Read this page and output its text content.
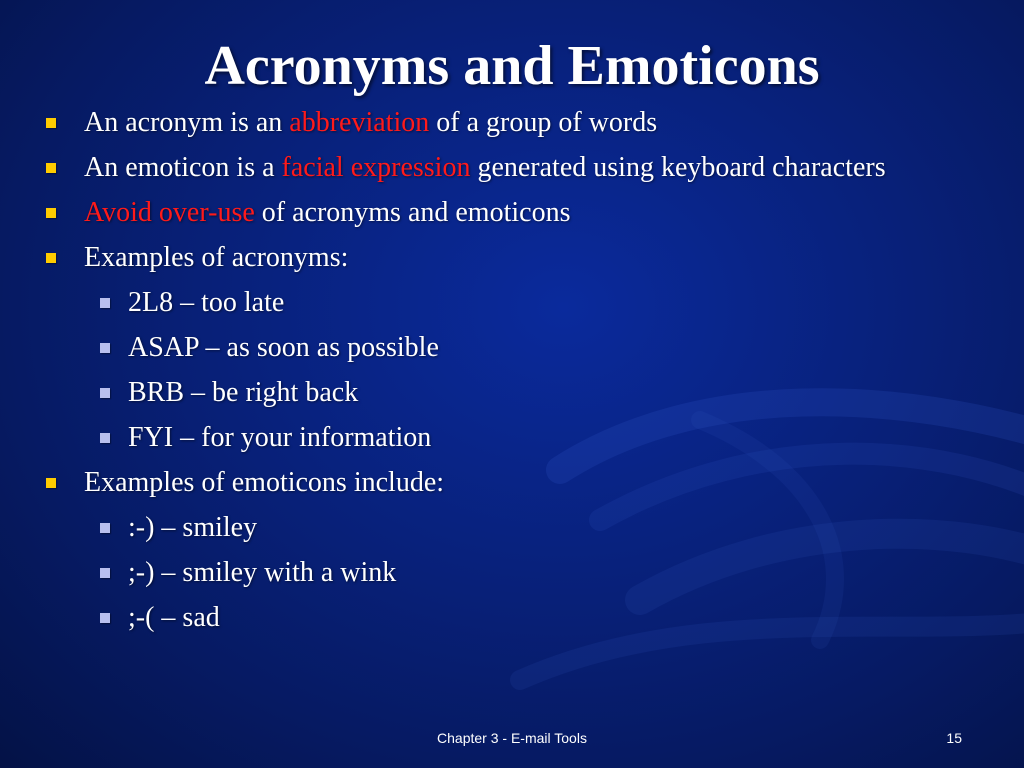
Acronyms and Emoticons
An acronym is an abbreviation of a group of words
An emoticon is a facial expression generated using keyboard characters
Avoid over-use of acronyms and emoticons
Examples of acronyms:
2L8 – too late
ASAP – as soon as possible
BRB – be right back
FYI – for your information
Examples of emoticons include:
:-) – smiley
;-) – smiley with a wink
;-( – sad
Chapter 3 - E-mail Tools	15
